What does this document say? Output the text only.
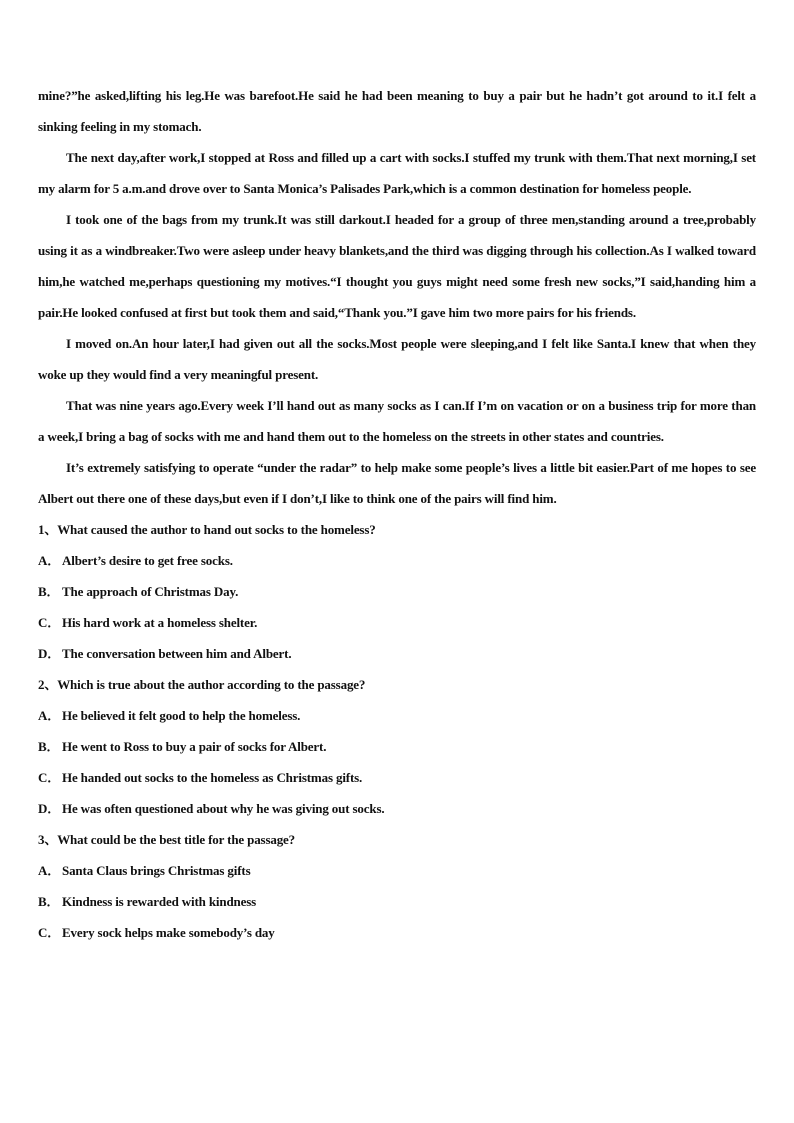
mine?”he asked,lifting his leg.He was barefoot.He said he had been meaning to buy a pair but he hadn’t got around to it.I felt a sinking feeling in my stomach.

The next day,after work,I stopped at Ross and filled up a cart with socks.I stuffed my trunk with them.That next morning,I set my alarm for 5 a.m.and drove over to Santa Monica’s Palisades Park,which is a common destination for homeless people.

I took one of the bags from my trunk.It was still darkout.I headed for a group of three men,standing around a tree,probably using it as a windbreaker.Two were asleep under heavy blankets,and the third was digging through his collection.As I walked toward him,he watched me,perhaps questioning my motives.“I thought you guys might need some fresh new socks,”I said,handing him a pair.He looked confused at first but took them and said,“Thank you.”I gave him two more pairs for his friends.

I moved on.An hour later,I had given out all the socks.Most people were sleeping,and I felt like Santa.I knew that when they woke up they would find a very meaningful present.

That was nine years ago.Every week I’ll hand out as many socks as I can.If I’m on vacation or on a business trip for more than a week,I bring a bag of socks with me and hand them out to the homeless on the streets in other states and countries.

It’s extremely satisfying to operate “under the radar” to help make some people’s lives a little bit easier.Part of me hopes to see Albert out there one of these days,but even if I don’t,I like to think one of the pairs will find him.

1、What caused the author to hand out socks to the homeless?

A． Albert’s desire to get free socks.

B． The approach of Christmas Day.

C． His hard work at a homeless shelter.

D． The conversation between him and Albert.

2、Which is true about the author according to the passage?

A． He believed it felt good to help the homeless.

B． He went to Ross to buy a pair of socks for Albert.

C． He handed out socks to the homeless as Christmas gifts.

D． He was often questioned about why he was giving out socks.

3、What could be the best title for the passage?

A． Santa Claus brings Christmas gifts

B． Kindness is rewarded with kindness

C． Every sock helps make somebody’s day
